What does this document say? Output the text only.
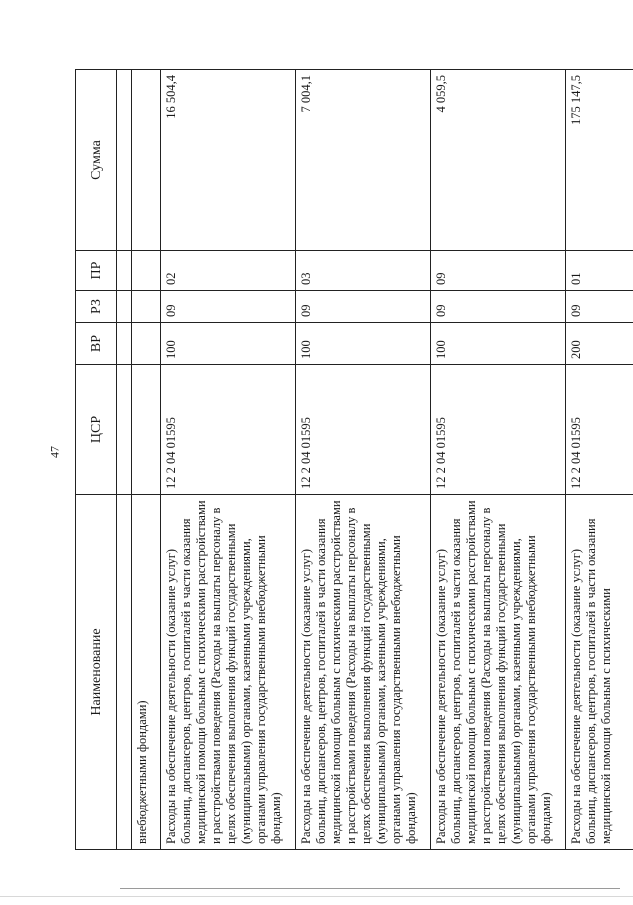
47
Наименование	ЦСР	ВР	РЗ	ПР	Сумма

внебюджетными фондами)					
Расходы на обеспечение деятельности (оказание услуг) больниц, диспансеров, центров, госпиталей в части оказания медицинской помощи больным с психическими расстройствами и расстройствами поведения (Расходы на выплаты персоналу в целях обеспечения выполнения функций государственными (муниципальными) органами, казенными учреждениями, органами управления государственными внебюджетными фондами)	12 2 04 01595	100	09	02	16 504,4
Расходы на обеспечение деятельности (оказание услуг) больниц, диспансеров, центров, госпиталей в части оказания медицинской помощи больным с психическими расстройствами и расстройствами поведения (Расходы на выплаты персоналу в целях обеспечения выполнения функций государственными (муниципальными) органами, казенными учреждениями, органами управления государственными внебюджетными фондами)	12 2 04 01595	100	09	03	7 004,1
Расходы на обеспечение деятельности (оказание услуг) больниц, диспансеров, центров, госпиталей в части оказания медицинской помощи больным с психическими расстройствами и расстройствами поведения (Расходы на выплаты персоналу в целях обеспечения выполнения функций государственными (муниципальными) органами, казенными учреждениями, органами управления государственными внебюджетными фондами)	12 2 04 01595	100	09	09	4 059,5
Расходы на обеспечение деятельности (оказание услуг) больниц, диспансеров, центров, госпиталей в части оказания медицинской помощи больным с психическими	12 2 04 01595	200	09	01	175 147,5
